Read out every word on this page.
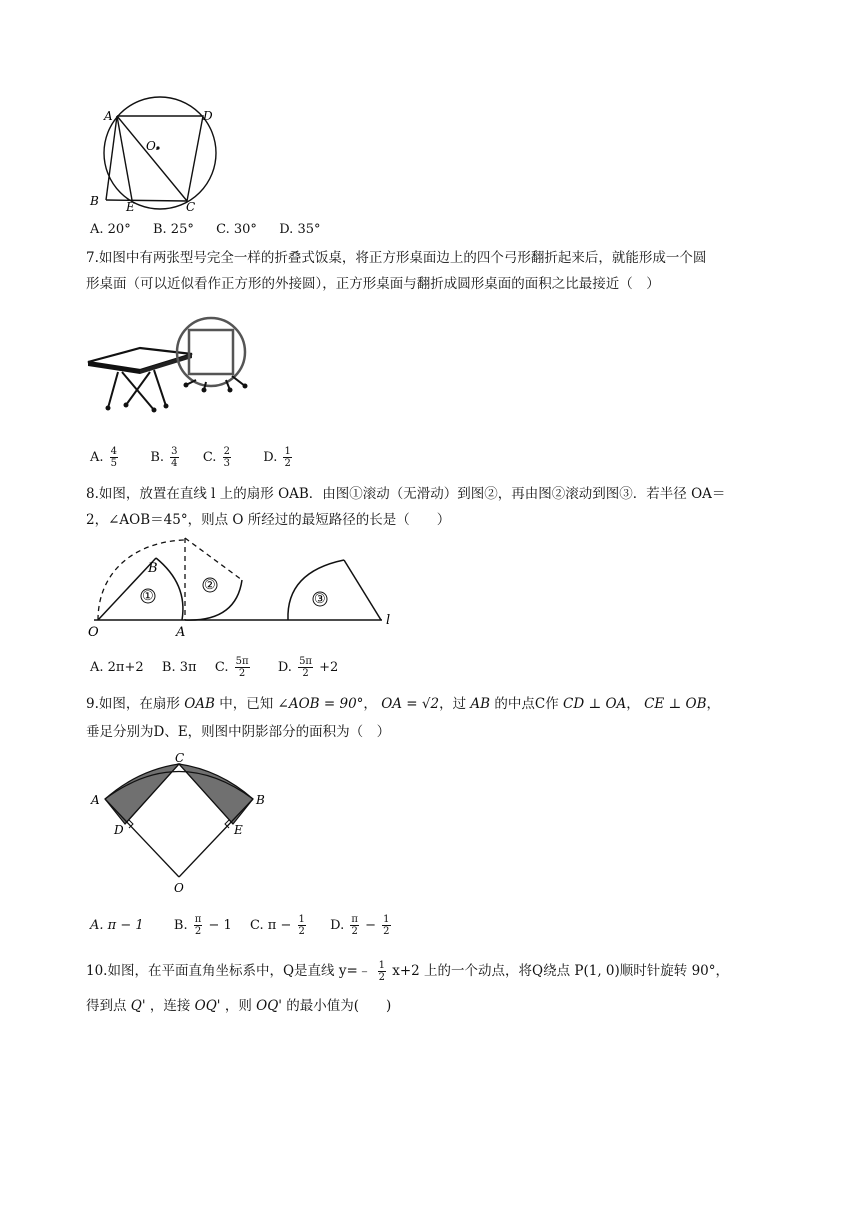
A	D
O.
B E	C
A. 20° B. 25° C. 30° D. 35°
7.如图中有两张型号完全一样的折叠式饭桌，将正方形桌面边上的四个弓形翻折起来后，就能形成一个圆
形桌面（可以近似看作正方形的外接圆），正方形桌面与翻折成圆形桌面的面积之比最接近（　）
A. $\frac{4}{5} B$. $\frac{3}{4} C$. $\frac{2}{3} D$. $\frac{1}{2}$
8.如图，放置在直线 l 上的扇形 OAB．由图①滚动（无滑动）到图②，再由图②滚动到图③．若半径 OA＝
2，∠AOB＝45°，则点 O 所经过的最短路径的长是（　　）
①
②
③
O	A
B
l
A. 2π+2 B. 3π C. $\frac{5\pi}{2} D$. $\frac{5\pi}{2} +2$
9.如图，在扇形 OAB 中，已知 ∠AOB = 90°， OA = √2，过 AB 的中点C作 CD ⊥ OA， CE ⊥ OB，
垂足分别为D、E，则图中阴影部分的面积为（　）
C
A	B
D	E
O
A. π − 1 B. $\frac{\pi}{2} - 1$ C. $\pi - \frac{1}{2} D$. $\frac{\pi}{2} - \frac{1}{2}$
10.如图，在平面直角坐标系中，Q是直线 y=﹣ $\frac{1}{2} x+2$ 上的一个动点，将Q绕点 P(1, 0)顺时针旋转 90°，
得到点 Q' ，连接 OQ' ，则 OQ' 的最小值为(　　)
